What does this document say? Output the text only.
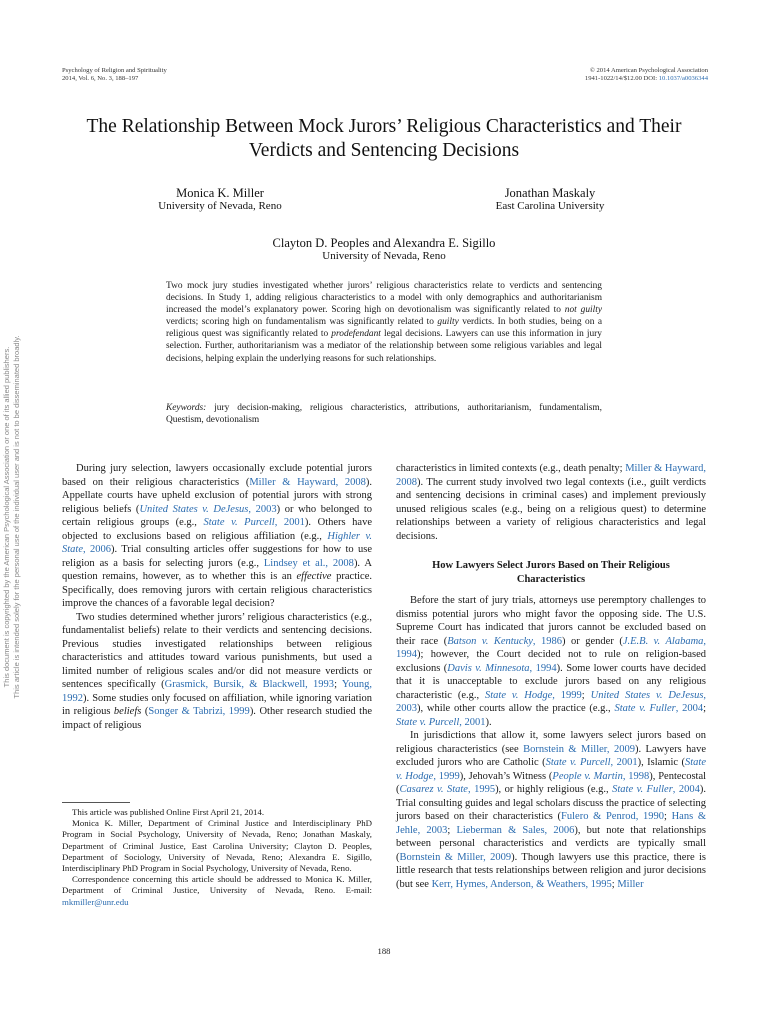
Psychology of Religion and Spirituality
2014, Vol. 6, No. 3, 188–197
© 2014 American Psychological Association
1941-1022/14/$12.00 DOI: 10.1037/a0036344
The Relationship Between Mock Jurors’ Religious Characteristics and Their Verdicts and Sentencing Decisions
Monica K. Miller
University of Nevada, Reno
Jonathan Maskaly
East Carolina University
Clayton D. Peoples and Alexandra E. Sigillo
University of Nevada, Reno
Two mock jury studies investigated whether jurors’ religious characteristics relate to verdicts and sentencing decisions. In Study 1, adding religious characteristics to a model with only demographics and authoritarianism increased the model’s explanatory power. Scoring high on devotionalism was significantly related to not guilty verdicts; scoring high on fundamentalism was significantly related to guilty verdicts. In both studies, being on a religious quest was significantly related to prodefendant legal decisions. Lawyers can use this information in jury selection. Further, authoritarianism was a mediator of the relationship between some religious variables and legal decisions, helping explain the underlying reasons for such relationships.
Keywords: jury decision-making, religious characteristics, attributions, authoritarianism, fundamentalism, Questism, devotionalism
This document is copyrighted by the American Psychological Association or one of its allied publishers. This article is intended solely for the personal use of the individual user and is not to be disseminated broadly.	During jury selection, lawyers occasionally exclude potential jurors based on their religious characteristics (Miller & Hayward, 2008). Appellate courts have upheld exclusion of potential jurors with strong religious beliefs (United States v. DeJesus, 2003) or who belonged to certain religious groups (e.g., State v. Purcell, 2001). Others have objected to exclusions based on religious affiliation (e.g., Highler v. State, 2006). Trial consulting articles offer suggestions for how to use religion as a basis for selecting jurors (e.g., Lindsey et al., 2008). A question remains, however, as to whether this is an effective practice. Specifically, does removing jurors with certain religious characteristics improve the chances of a favorable legal decision?

Two studies determined whether jurors’ religious characteristics (e.g., fundamentalist beliefs) relate to their verdicts and sentencing decisions. Previous studies investigated relationships between religious characteristics and attitudes toward various punishments, but used a limited number of religious scales and/or did not measure verdicts or sentences specifically (Grasmick, Bursik, & Blackwell, 1993; Young, 1992). Some studies only focused on affiliation, while ignoring variation in religious beliefs (Songer & Tabrizi, 1999). Other research studied the impact of religious

characteristics in limited contexts (e.g., death penalty; Miller & Hayward, 2008). The current study involved two legal contexts (i.e., guilt verdicts and sentencing decisions in criminal cases) and implement previously unused religious scales (e.g., being on a religious quest) to determine relationships between a variety of religious characteristics and legal decisions.

How Lawyers Select Jurors Based on Their Religious Characteristics

Before the start of jury trials, attorneys use peremptory challenges to dismiss potential jurors who might favor the opposing side. The U.S. Supreme Court has indicated that jurors cannot be excluded based on their race (Batson v. Kentucky, 1986) or gender (J.E.B. v. Alabama, 1994); however, the Court decided not to rule on religion-based exclusions (Davis v. Minnesota, 1994). Some lower courts have decided that it is unacceptable to exclude jurors based on any religious characteristic (e.g., State v. Hodge, 1999; United States v. DeJesus, 2003), while other courts allow the practice (e.g., State v. Fuller, 2004; State v. Purcell, 2001).

In jurisdictions that allow it, some lawyers select jurors based on religious characteristics (see Bornstein & Miller, 2009). Lawyers have excluded jurors who are Catholic (State v. Purcell, 2001), Islamic (State v. Hodge, 1999), Jehovah’s Witness (People v. Martin, 1998), Pentecostal (Casarez v. State, 1995), or highly religious (e.g., State v. Fuller, 2004). Trial consulting guides and legal scholars discuss the practice of selecting jurors based on their characteristics (Fulero & Penrod, 1990; Hans & Jehle, 2003; Lieberman & Sales, 2006), but note that relationships between personal characteristics and verdicts are typically small (Bornstein & Miller, 2009). Though lawyers use this practice, there is little research that tests relationships between religion and juror decisions (but see Kerr, Hymes, Anderson, & Weathers, 1995; Miller

This article was published Online First April 21, 2014.

Monica K. Miller, Department of Criminal Justice and Interdisciplinary PhD Program in Social Psychology, University of Nevada, Reno; Jonathan Maskaly, Department of Criminal Justice, East Carolina University; Clayton D. Peoples, Department of Sociology, University of Nevada, Reno; Alexandra E. Sigillo, Interdisciplinary PhD Program in Social Psychology, University of Nevada, Reno.

Correspondence concerning this article should be addressed to Monica K. Miller, Department of Criminal Justice, University of Nevada, Reno. E-mail: mkmiller@unr.edu

188
